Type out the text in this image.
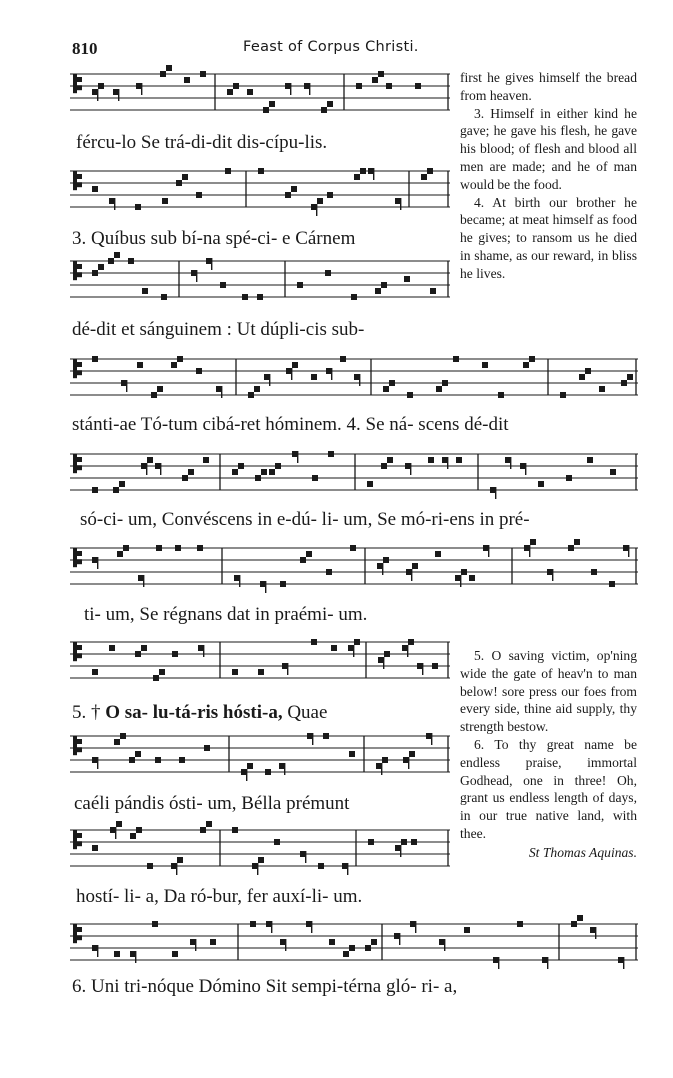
810	Feast of Corpus Christi.
fércu-lo Se trá-di-dit dis-cípu-lis.
3. Quíbus sub bí-na spé-ci- e Cárnem
dé-dit et sánguinem : Ut dúpli-cis sub-
stánti-ae Tó-tum cibá-ret hóminem. 4. Se ná- scens dé-dit
só-ci- um, Convéscens in e-dú- li- um, Se mó-ri-ens in pré-
ti- um, Se régnans dat in praémi- um.
5. † O sa- lu-tá-ris hósti-a, Quae
caéli pándis ósti- um, Bélla prémunt
hostí- li- a, Da ró-bur, fer auxí-li- um.
6. Uni tri-nóque Dómino Sit sempi-térna gló- ri- a,

first he gives himself the bread from heaven.

3. Himself in either kind he gave; he gave his flesh, he gave his blood; of flesh and blood all men are made; and he of man would be the food.

4. At birth our brother he became; at meat himself as food he gives; to ransom us he died in shame, as our reward, in bliss he lives.

5. O saving victim, op'ning wide the gate of heav'n to man below! sore press our foes from every side, thine aid supply, thy strength bestow.

6. To thy great name be endless praise, immortal Godhead, one in three! Oh, grant us endless length of days, in our true native land, with thee.

St Thomas Aquinas.
